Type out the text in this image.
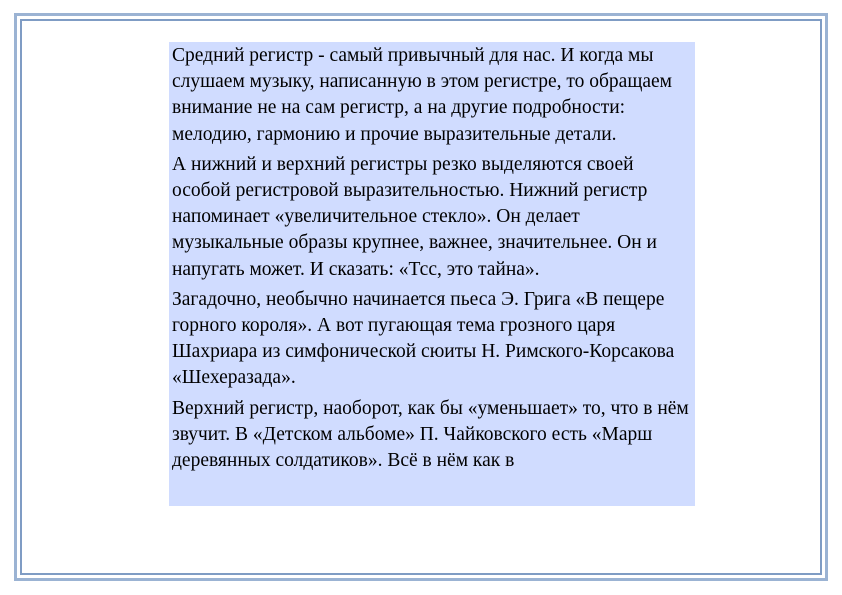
Средний регистр - самый привычный для нас. И когда мы слушаем музыку, написанную в этом регистре, то обращаем внимание не на сам регистр, а на другие подробности: мелодию, гармонию и прочие выразительные детали.

А нижний и верхний регистры резко выделяются своей особой регистровой выразительностью. Нижний регистр напоминает «увеличительное стекло». Он делает музыкальные образы крупнее, важнее, значительнее. Он и напугать может. И сказать: «Тсс, это тайна».

Загадочно, необычно начинается пьеса Э. Грига «В пещере горного короля». А вот пугающая тема грозного царя Шахриара из симфонической сюиты Н. Римского-Корсакова «Шехеразада».

Верхний регистр, наоборот, как бы «уменьшает» то, что в нём звучит. В «Детском альбоме» П. Чайковского есть «Марш деревянных солдатиков». Всё в нём как в
